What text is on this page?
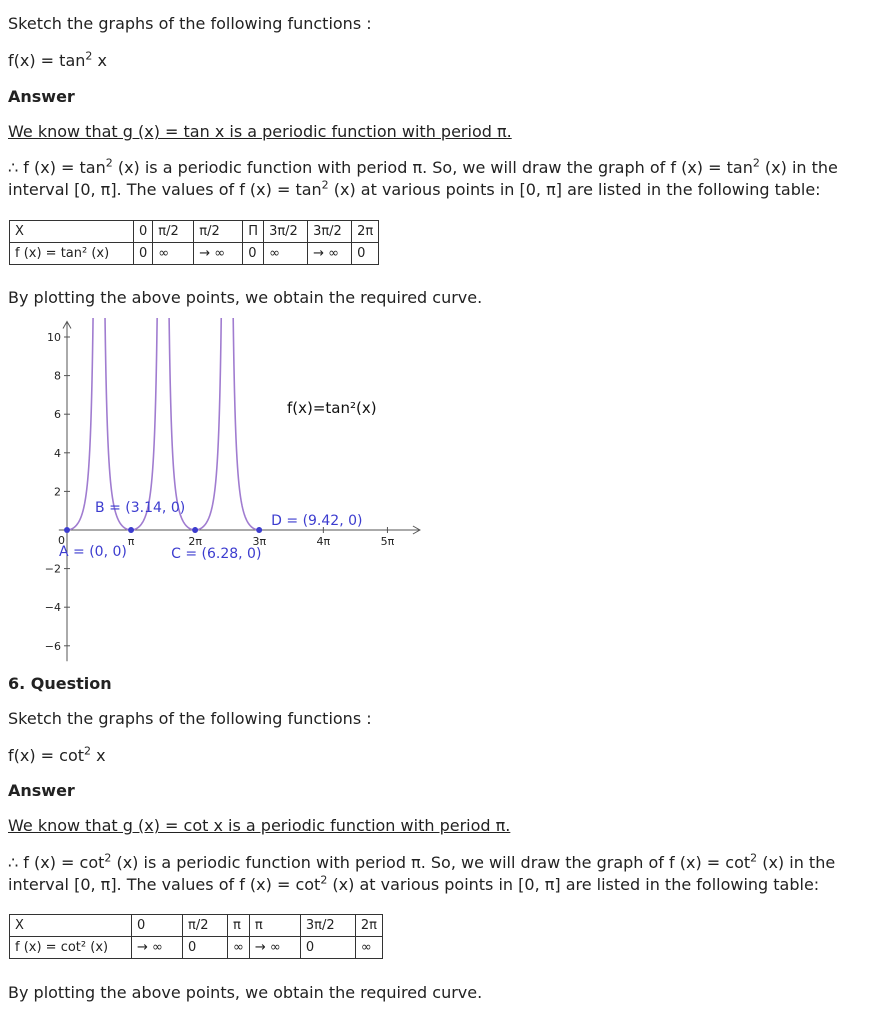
Sketch the graphs of the following functions :
$f(x) = \tan^2 x$
Answer
We know that g (x) = tan x is a periodic function with period π.
∴ f $(x) = \tan^2 (x)$ is a periodic function with period π. So, we will draw the graph of f $(x) = \tan^2 (x)$ in the interval [0, π]. The values of f $(x) = \tan^2 (x)$ at various points in [0, π] are listed in the following table:
X	0	π/2	π/2	Π	3π/2	3π/2	2π
f (x) = tan² (x)	0	∞	→ ∞	0	∞	→ ∞	0
By plotting the above points, we obtain the required curve.
π	2π	3π	4π	5π
10
8
6
4
2
−2
−4
−6
0
A = (0, 0)
B = (3.14, 0)
C = (6.28, 0)
D = (9.42, 0)
f(x)=tan²(x)
6. Question
Sketch the graphs of the following functions :
$f(x) = \cot^2 x$
Answer
We know that g (x) = cot x is a periodic function with period π.
∴ f $(x) = \cot^2 (x)$ is a periodic function with period π. So, we will draw the graph of f $(x) = \cot^2 (x)$ in the interval [0, π]. The values of f $(x) = \cot^2 (x)$ at various points in [0, π] are listed in the following table:
X	0	π/2	π	π	3π/2	2π
f (x) = cot² (x)	→ ∞	0	∞	→ ∞	0	∞
By plotting the above points, we obtain the required curve.
